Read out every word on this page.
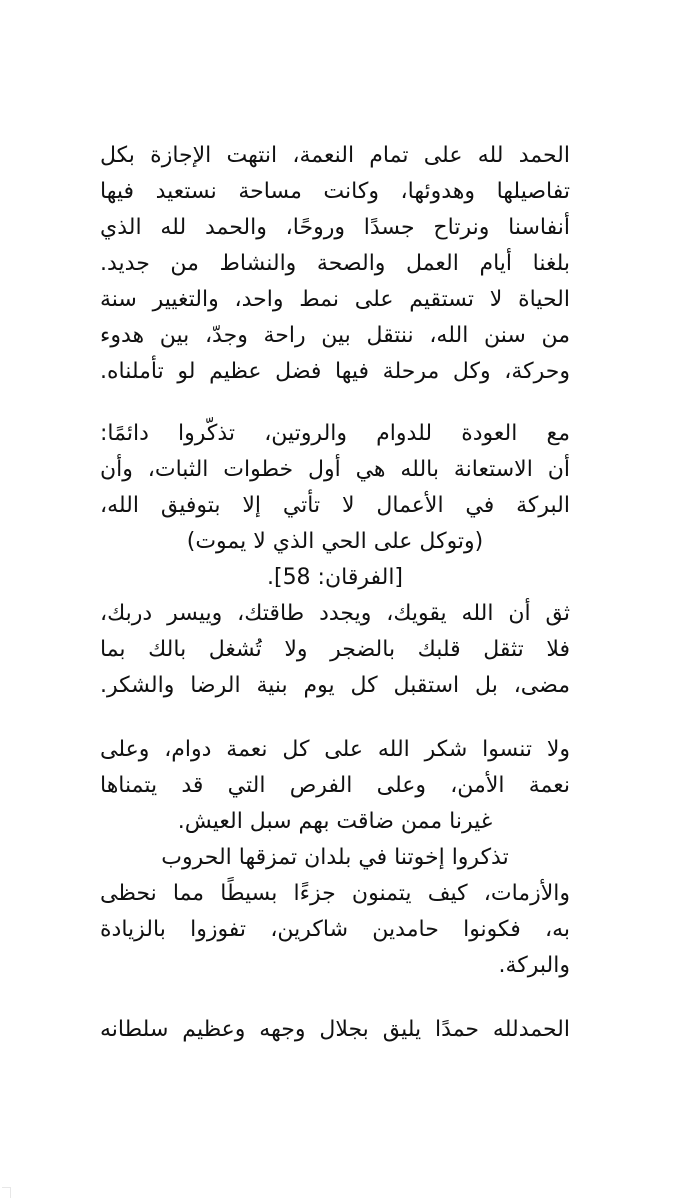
الحمد لله على تمام النعمة، انتهت الإجازة بكل
تفاصيلها وهدوئها، وكانت مساحة نستعيد فيها
أنفاسنا ونرتاح جسدًا وروحًا، والحمد لله الذي
بلغنا أيام العمل والصحة والنشاط من جديد.
الحياة لا تستقيم على نمط واحد، والتغيير سنة
من سنن الله، ننتقل بين راحة وجدّ، بين هدوء
وحركة، وكل مرحلة فيها فضل عظيم لو تأملناه.
مع العودة للدوام والروتين، تذكّروا دائمًا:
أن الاستعانة بالله هي أول خطوات الثبات، وأن
البركة في الأعمال لا تأتي إلا بتوفيق الله،
(وتوكل على الحي الذي لا يموت)
[الفرقان: 58].
ثق أن الله يقويك، ويجدد طاقتك، وييسر دربك،
فلا تثقل قلبك بالضجر ولا تُشغل بالك بما
مضى، بل استقبل كل يوم بنية الرضا والشكر.
ولا تنسوا شكر الله على كل نعمة دوام، وعلى
نعمة الأمن، وعلى الفرص التي قد يتمناها
غيرنا ممن ضاقت بهم سبل العيش.
تذكروا إخوتنا في بلدان تمزقها الحروب
والأزمات، كيف يتمنون جزءًا بسيطًا مما نحظى
به، فكونوا حامدين شاكرين، تفوزوا بالزيادة
والبركة.
الحمدلله حمدًا يليق بجلال وجهه وعظيم سلطانه
